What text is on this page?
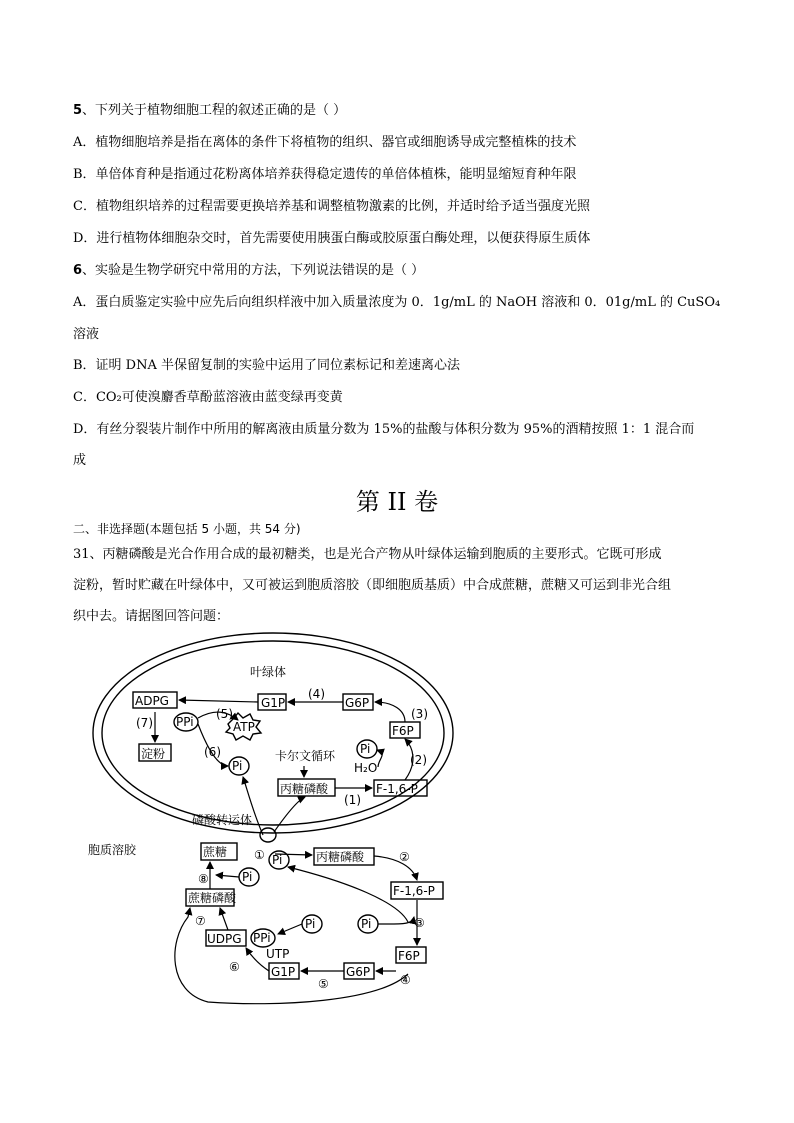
5、下列关于植物细胞工程的叙述正确的是（ ）
A．植物细胞培养是指在离体的条件下将植物的组织、器官或细胞诱导成完整植株的技术
B．单倍体育种是指通过花粉离体培养获得稳定遗传的单倍体植株，能明显缩短育种年限
C．植物组织培养的过程需要更换培养基和调整植物激素的比例，并适时给予适当强度光照
D．进行植物体细胞杂交时，首先需要使用胰蛋白酶或胶原蛋白酶处理，以便获得原生质体
6、实验是生物学研究中常用的方法，下列说法错误的是（ ）
A．蛋白质鉴定实验中应先后向组织样液中加入质量浓度为 0．1g/mL 的 NaOH 溶液和 0．01g/mL 的 CuSO₄
溶液
B．证明 DNA 半保留复制的实验中运用了同位素标记和差速离心法
C．CO₂可使溴麝香草酚蓝溶液由蓝变绿再变黄
D．有丝分裂装片制作中所用的解离液由质量分数为 15%的盐酸与体积分数为 95%的酒精按照 1：1 混合而
成
第 II 卷
二、非选择题(本题包括 5 小题，共 54 分)
31、丙糖磷酸是光合作用合成的最初糖类，也是光合产物从叶绿体运输到胞质的主要形式。它既可形成
淀粉，暂时贮藏在叶绿体中，又可被运到胞质溶胶（即细胞质基质）中合成蔗糖，蔗糖又可运到非光合组
织中去。请据图回答问题：
叶绿体
胞质溶胶
磷酸转运体
卡尔文循环
ADPG	G1P	G6P
F6P
淀粉
丙糖磷酸	F-1,6-P
PPi
Pi
Pi
ATP
H₂O
(4)
(3)
(2)
(1)
(5)
(6)
(7)
蔗糖	丙糖磷酸
F-1,6-P
蔗糖磷酸
UDPG
F6P
G6P
G1P
Pi
Pi
Pi	Pi
PPi
UTP
①	②
③
④
⑤
⑥
⑦
⑧
